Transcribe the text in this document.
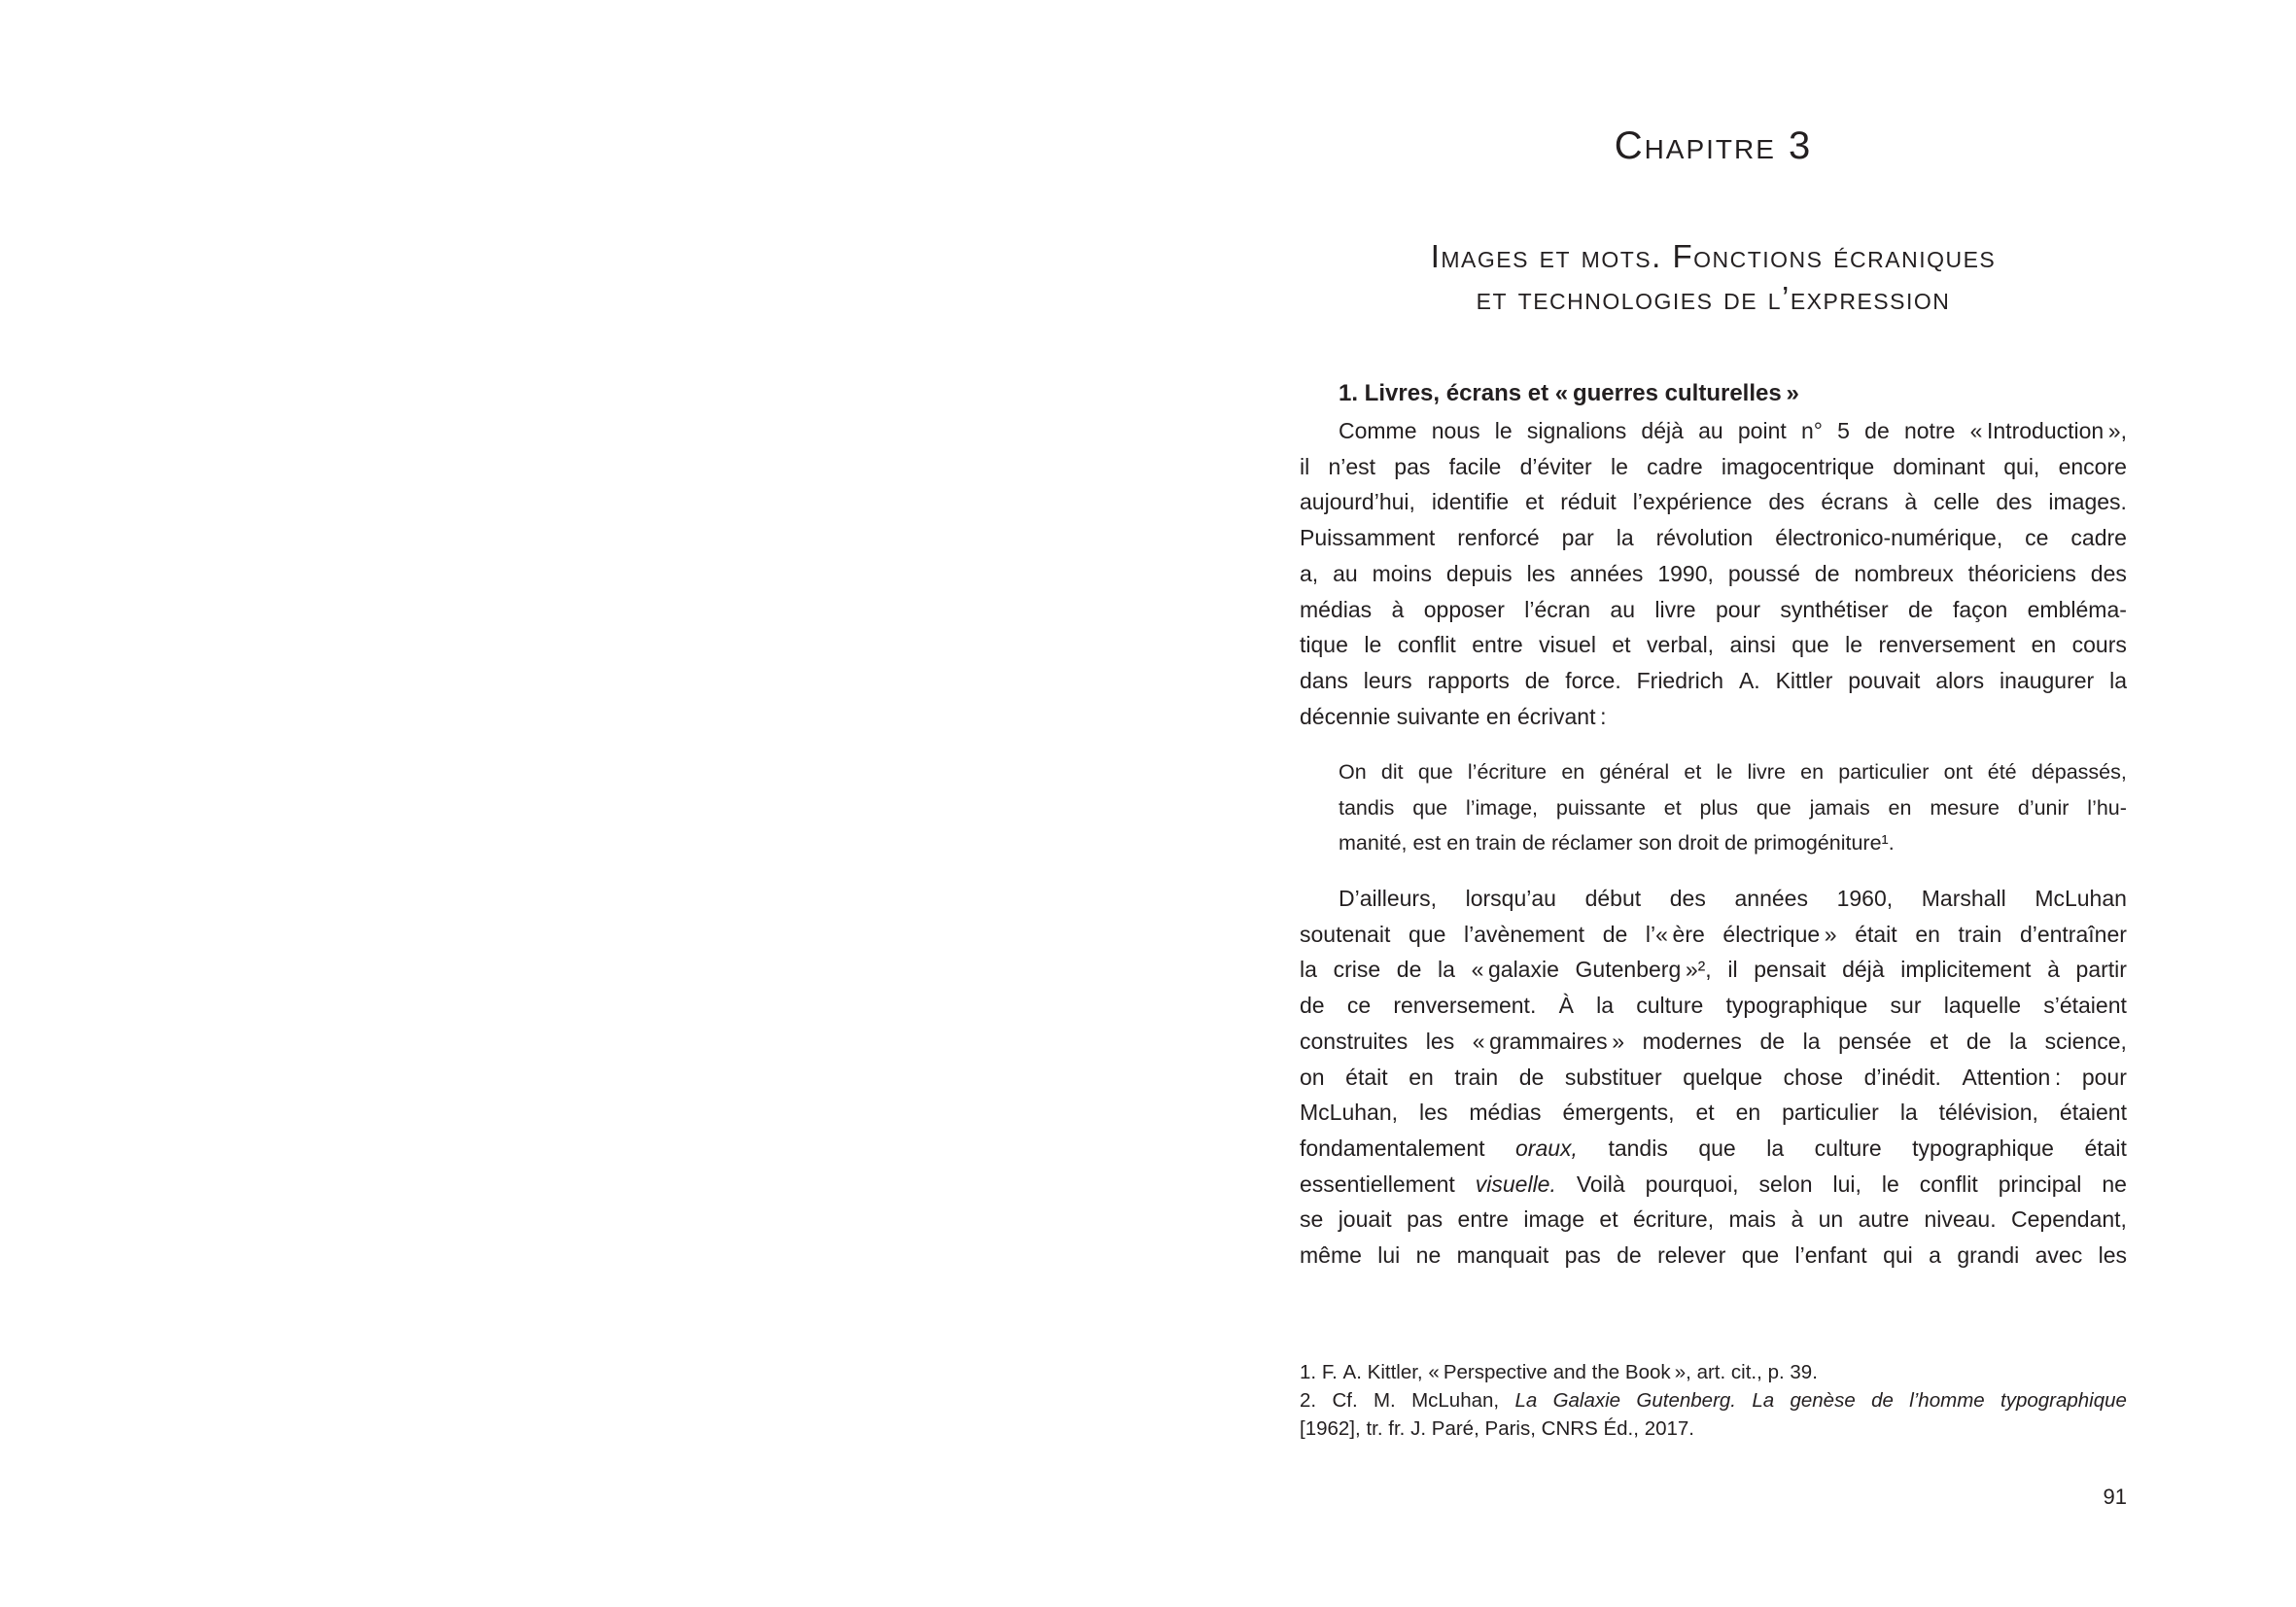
Chapitre 3
Images et mots. Fonctions écraniques
et technologies de l’expression
1. Livres, écrans et « guerres culturelles »
Comme nous le signalions déjà au point n° 5 de notre « Introduction »,
il n’est pas facile d’éviter le cadre imagocentrique dominant qui, encore
aujourd’hui, identifie et réduit l’expérience des écrans à celle des images.
Puissamment renforcé par la révolution électronico-numérique, ce cadre
a, au moins depuis les années 1990, poussé de nombreux théoriciens des
médias à opposer l’écran au livre pour synthétiser de façon embléma-
tique le conflit entre visuel et verbal, ainsi que le renversement en cours
dans leurs rapports de force. Friedrich A. Kittler pouvait alors inaugurer la
décennie suivante en écrivant :
On dit que l’écriture en général et le livre en particulier ont été dépassés,
tandis que l’image, puissante et plus que jamais en mesure d’unir l’hu-
manité, est en train de réclamer son droit de primogéniture¹.
D’ailleurs, lorsqu’au début des années 1960, Marshall McLuhan
soutenait que l’avènement de l’« ère électrique » était en train d’entraîner
la crise de la « galaxie Gutenberg »², il pensait déjà implicitement à partir
de ce renversement. À la culture typographique sur laquelle s’étaient
construites les « grammaires » modernes de la pensée et de la science,
on était en train de substituer quelque chose d’inédit. Attention : pour
McLuhan, les médias émergents, et en particulier la télévision, étaient
fondamentalement oraux, tandis que la culture typographique était
essentiellement visuelle. Voilà pourquoi, selon lui, le conflit principal ne
se jouait pas entre image et écriture, mais à un autre niveau. Cependant,
même lui ne manquait pas de relever que l’enfant qui a grandi avec les
1. F. A. Kittler, « Perspective and the Book », art. cit., p. 39.
2. Cf. M. McLuhan, La Galaxie Gutenberg. La genèse de l’homme typographique
[1962], tr. fr. J. Paré, Paris, CNRS Éd., 2017.
91
